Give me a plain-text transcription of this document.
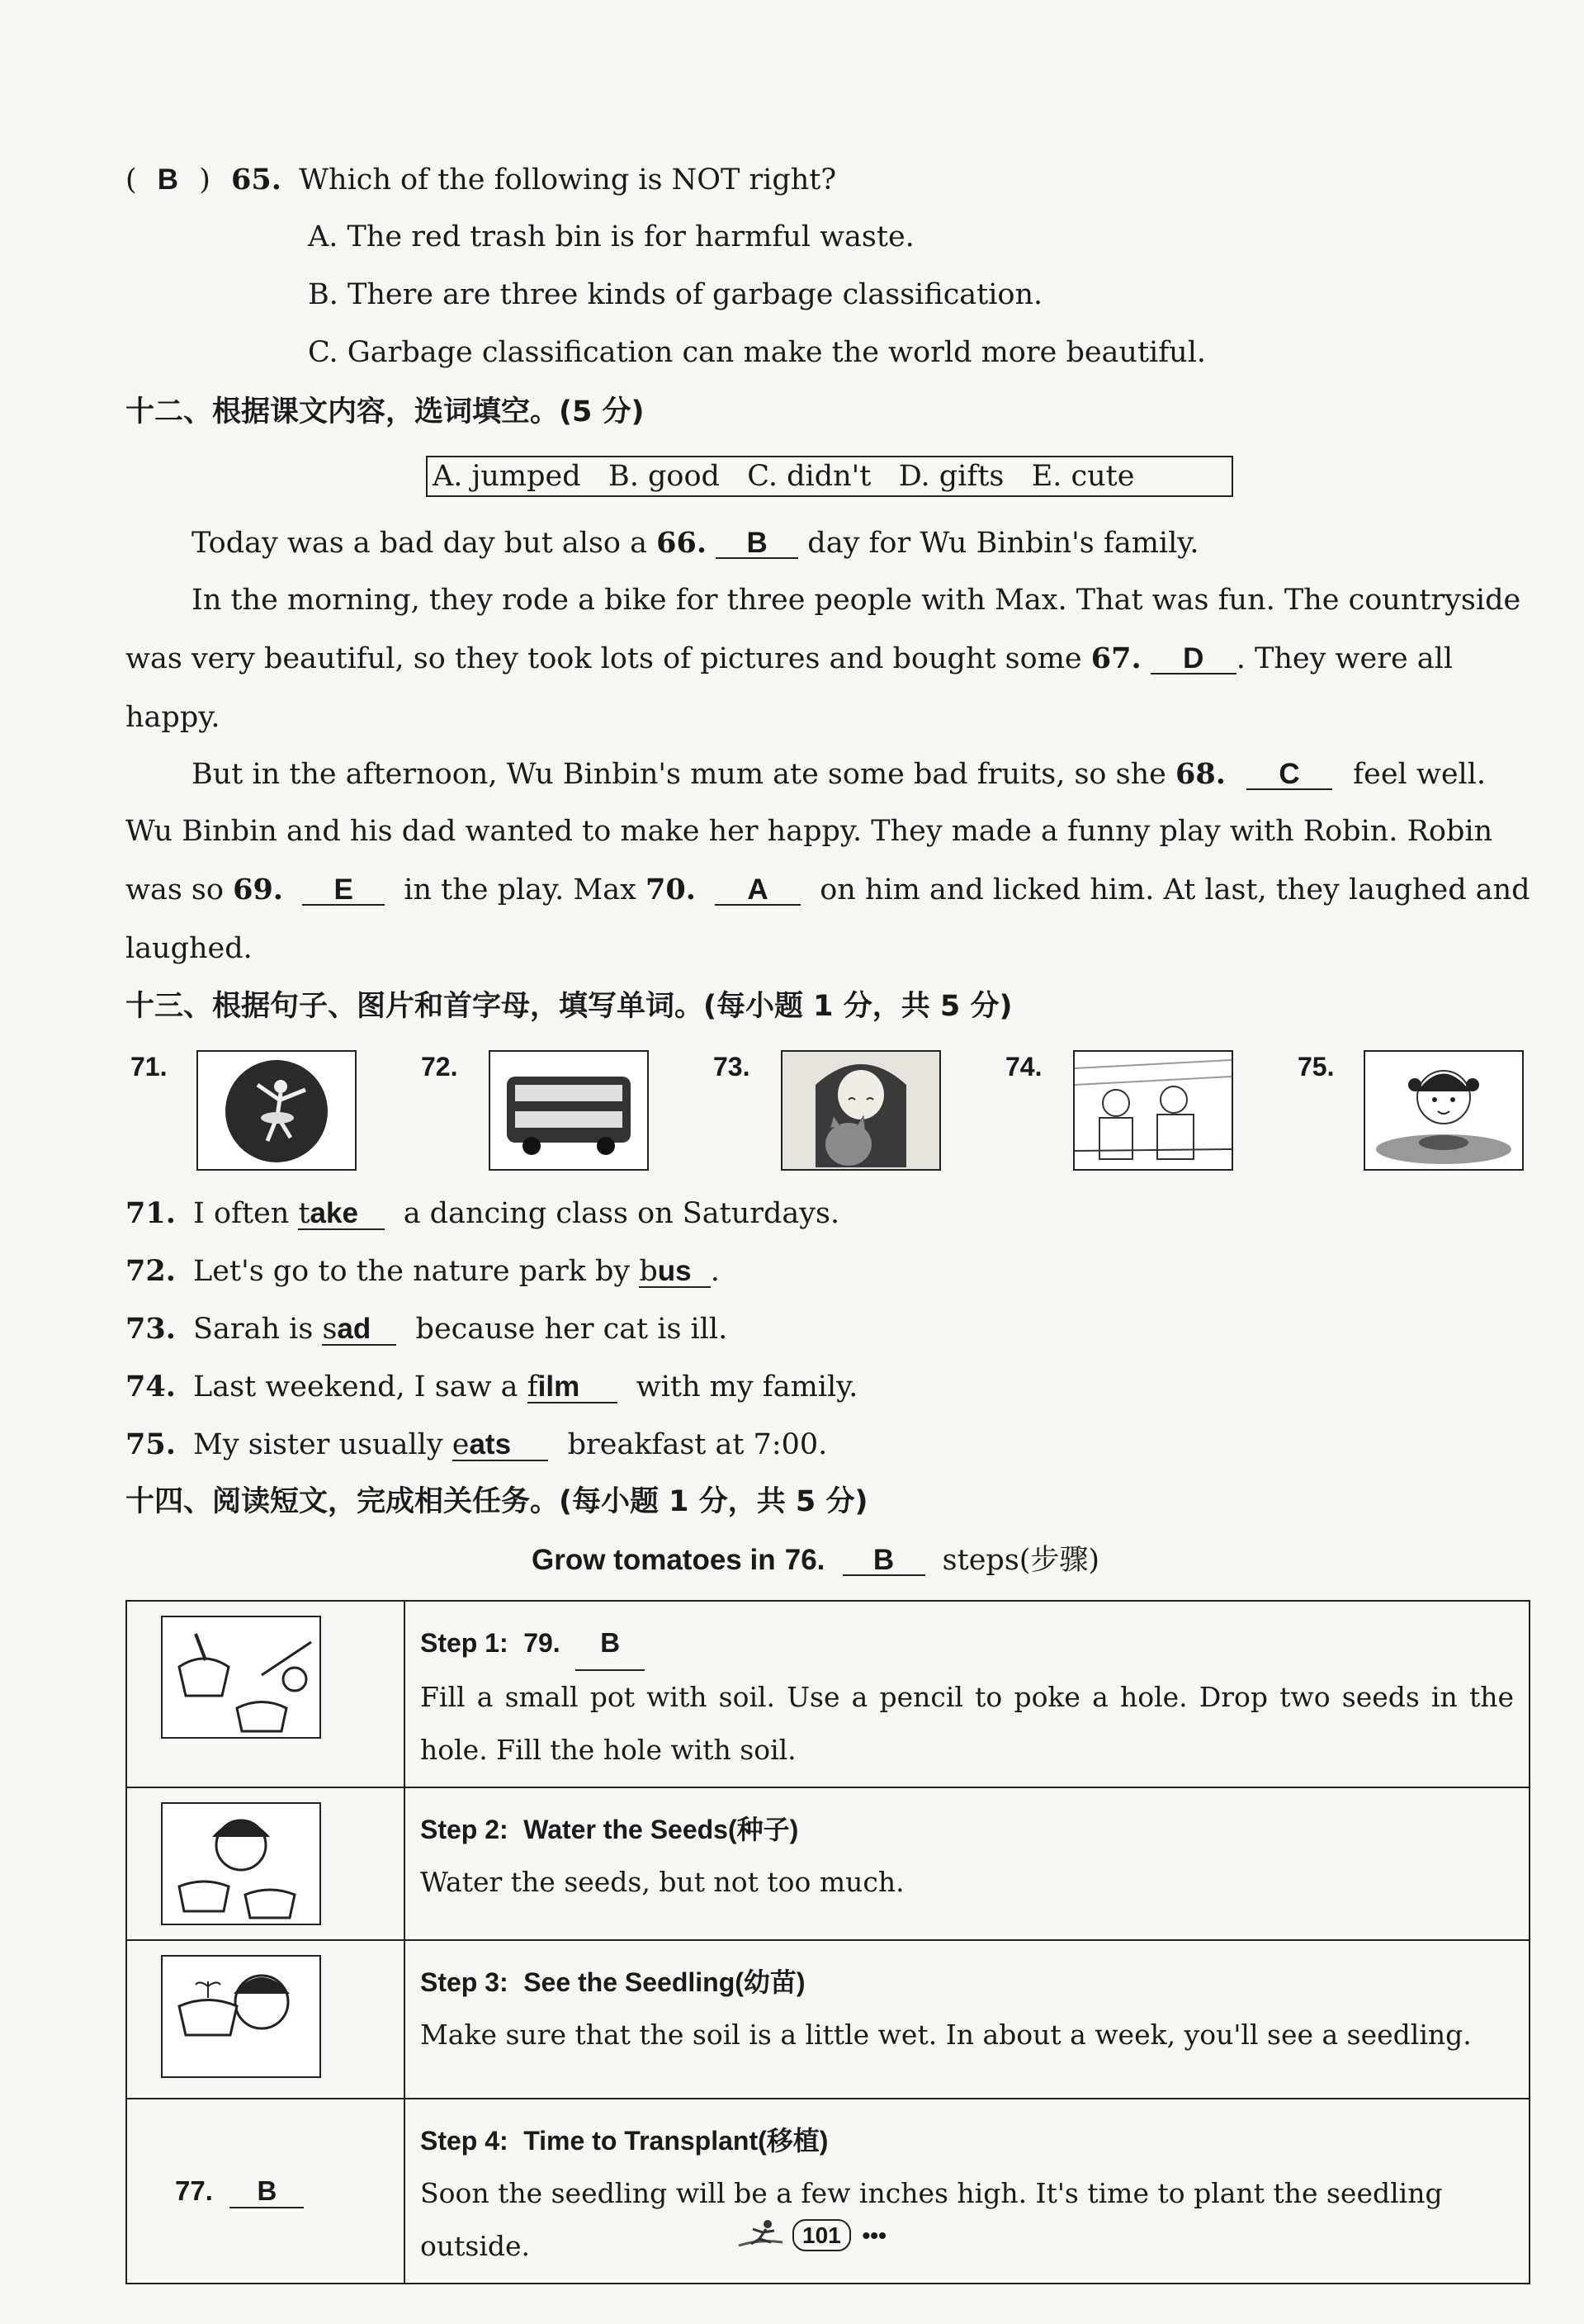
( B ) 65. Which of the following is NOT right?
A. The red trash bin is for harmful waste.
B. There are three kinds of garbage classification.
C. Garbage classification can make the world more beautiful.
十二、根据课文内容，选词填空。(5 分)
A. jumped   B. good   C. didn't   D. gifts   E. cute
Today was a bad day but also a 66. B day for Wu Binbin's family.
In the morning, they rode a bike for three people with Max. That was fun. The countryside
was very beautiful, so they took lots of pictures and bought some 67. D . They were all
happy.
But in the afternoon, Wu Binbin's mum ate some bad fruits, so she 68. C feel well.
Wu Binbin and his dad wanted to make her happy. They made a funny play with Robin. Robin
was so 69. E in the play. Max 70. A on him and licked him. At last, they laughed and
laughed.
十三、根据句子、图片和首字母，填写单词。(每小题 1 分，共 5 分)
71.	72.	73.	74.	75.
71. I often take a dancing class on Saturdays.
72. Let's go to the nature park by bus .
73. Sarah is sad because her cat is ill.
74. Last weekend, I saw a film with my family.
75. My sister usually eats breakfast at 7:00.
十四、阅读短文，完成相关任务。(每小题 1 分，共 5 分)
Grow tomatoes in 76. B steps(步骤)

Step 1: 79. B
Fill a small pot with soil. Use a pencil to poke a hole. Drop two seeds in the hole. Fill the hole with soil.

Step 2: Water the Seeds(种子)
Water the seeds, but not too much.

Step 3: See the Seedling(幼苗)
Make sure that the soil is a little wet. In about a week, you'll see a seedling.

77. B	Step 4: Time to Transplant(移植)
Soon the seedling will be a few inches high. It's time to plant the seedling outside.	101 •••
